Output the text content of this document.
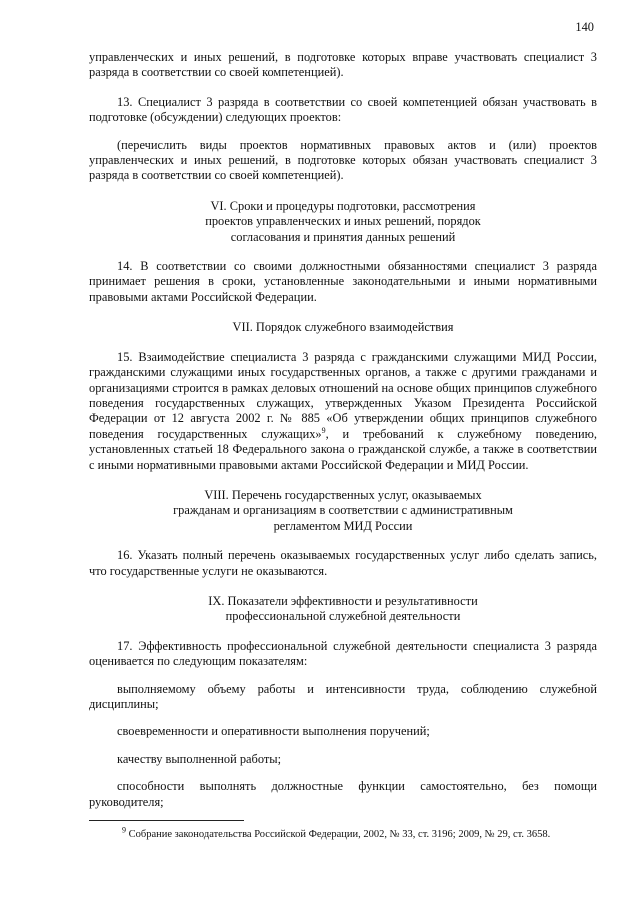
140

управленческих и иных решений, в подготовке которых вправе участвовать специалист 3 разряда в соответствии со своей компетенцией).

13. Специалист 3 разряда в соответствии со своей компетенцией обязан участвовать в подготовке (обсуждении) следующих проектов:

(перечислить виды проектов нормативных правовых актов и (или) проектов управленческих и иных решений, в подготовке которых обязан участвовать специалист 3 разряда в соответствии со своей компетенцией).

VI. Сроки и процедуры подготовки, рассмотрения
проектов управленческих и иных решений, порядок
согласования и принятия данных решений

14. В соответствии со своими должностными обязанностями специалист 3 разряда принимает решения в сроки, установленные законодательными и иными нормативными правовыми актами Российской Федерации.

VII. Порядок служебного взаимодействия

15. Взаимодействие специалиста 3 разряда с гражданскими служащими МИД России, гражданскими служащими иных государственных органов, а также с другими гражданами и организациями строится в рамках деловых отношений на основе общих принципов служебного поведения государственных служащих, утвержденных Указом Президента Российской Федерации от 12 августа 2002 г. № 885 «Об утверждении общих принципов служебного поведения государственных служащих»$^9$, и требований к служебному поведению, установленных статьей 18 Федерального закона о гражданской службе, а также в соответствии с иными нормативными правовыми актами Российской Федерации и МИД России.

VIII. Перечень государственных услуг, оказываемых
гражданам и организациям в соответствии с административным
регламентом МИД России

16. Указать полный перечень оказываемых государственных услуг либо сделать запись, что государственные услуги не оказываются.

IX. Показатели эффективности и результативности
профессиональной служебной деятельности

17. Эффективность профессиональной служебной деятельности специалиста 3 разряда оценивается по следующим показателям:

выполняемому объему работы и интенсивности труда, соблюдению служебной дисциплины;

своевременности и оперативности выполнения поручений;

качеству выполненной работы;

способности выполнять должностные функции самостоятельно, без помощи руководителя;

$^9$ Собрание законодательства Российской Федерации, 2002, № 33, ст. 3196; 2009, № 29, ст. 3658.
